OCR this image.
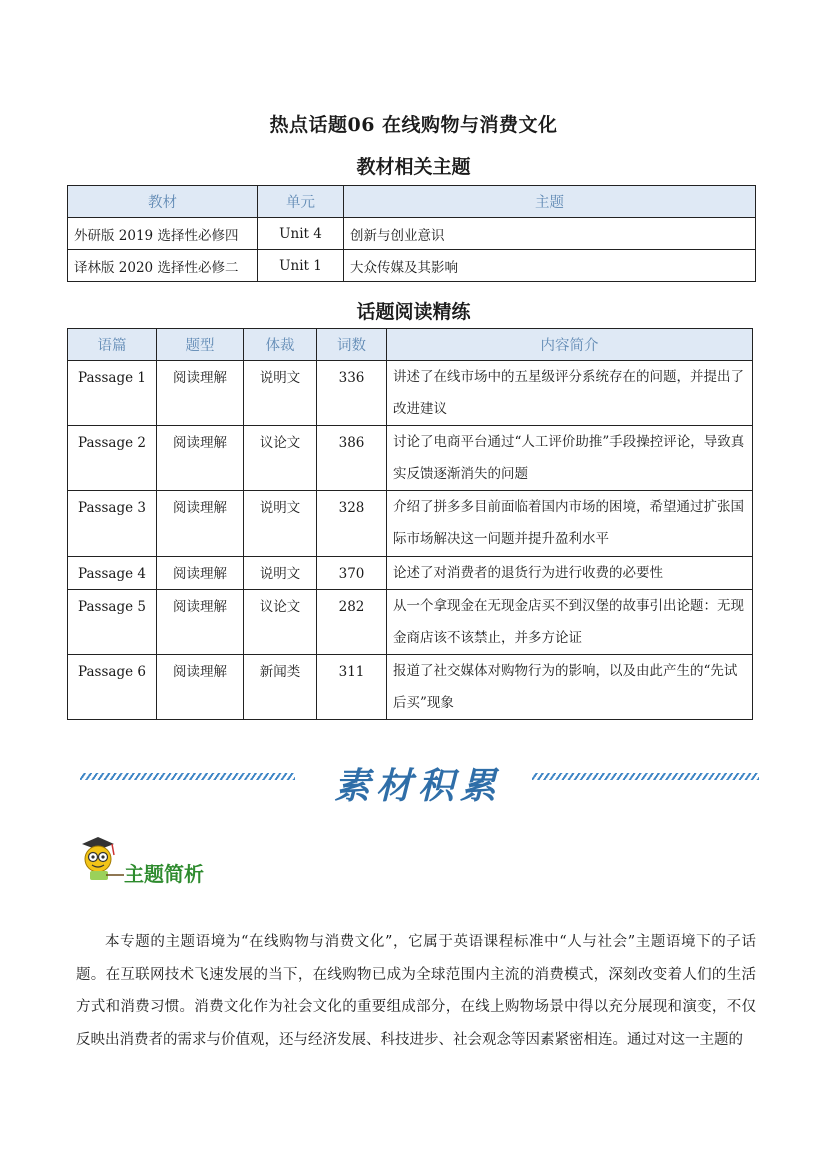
热点话题06 在线购物与消费文化
教材相关主题
教材	单元	主题
外研版 2019 选择性必修四	Unit 4	创新与创业意识
译林版 2020 选择性必修二	Unit 1	大众传媒及其影响
话题阅读精练
语篇	题型	体裁	词数	内容简介
Passage 1	阅读理解	说明文	336	讲述了在线市场中的五星级评分系统存在的问题，并提出了改进建议
Passage 2	阅读理解	议论文	386	讨论了电商平台通过“人工评价助推”手段操控评论，导致真实反馈逐渐消失的问题
Passage 3	阅读理解	说明文	328	介绍了拼多多目前面临着国内市场的困境，希望通过扩张国际市场解决这一问题并提升盈利水平
Passage 4	阅读理解	说明文	370	论述了对消费者的退货行为进行收费的必要性
Passage 5	阅读理解	议论文	282	从一个拿现金在无现金店买不到汉堡的故事引出论题：无现金商店该不该禁止，并多方论证
Passage 6	阅读理解	新闻类	311	报道了社交媒体对购物行为的影响，以及由此产生的“先试后买”现象
素材积累
主题简析
本专题的主题语境为“在线购物与消费文化”，它属于英语课程标准中“人与社会”主题语境下的子话题。在互联网技术飞速发展的当下，在线购物已成为全球范围内主流的消费模式，深刻改变着人们的生活方式和消费习惯。消费文化作为社会文化的重要组成部分，在线上购物场景中得以充分展现和演变，不仅反映出消费者的需求与价值观，还与经济发展、科技进步、社会观念等因素紧密相连。通过对这一主题的
